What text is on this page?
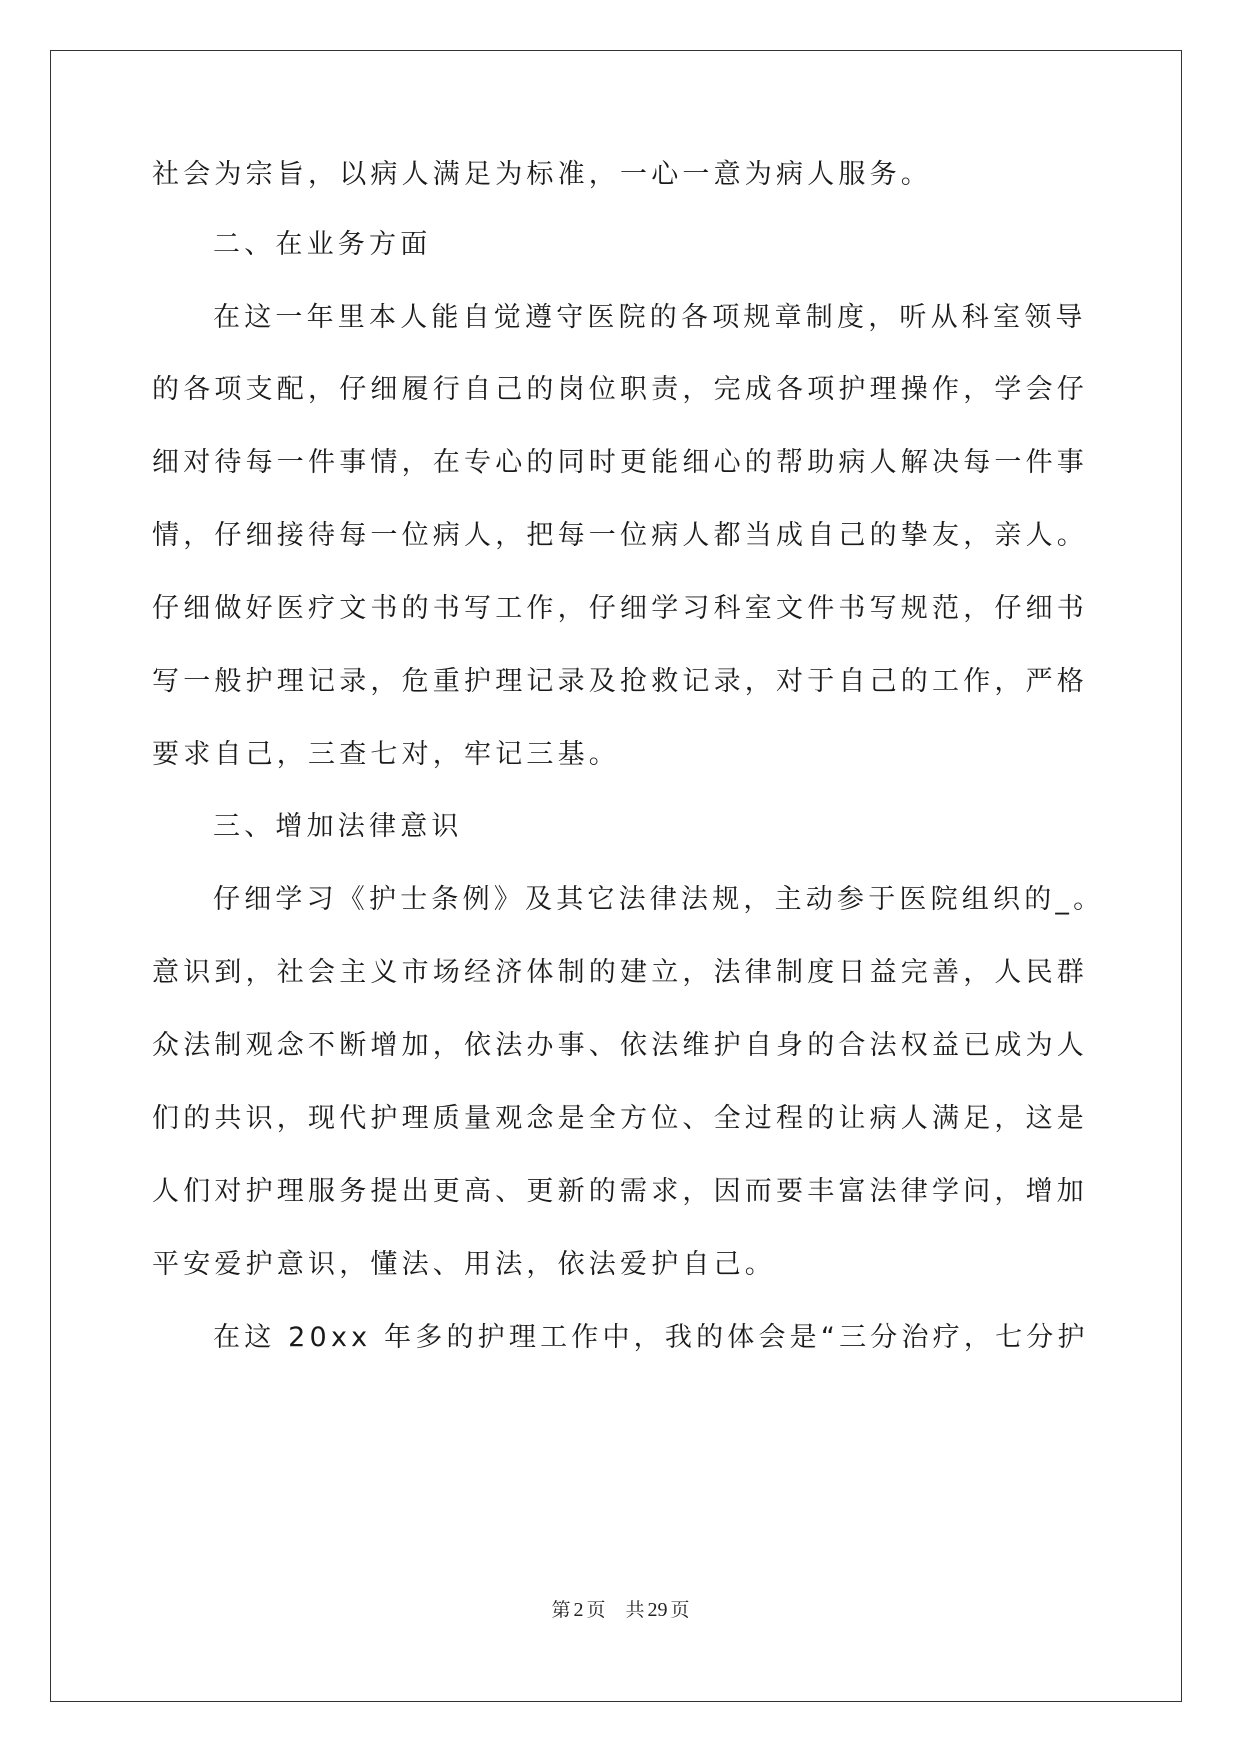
社会为宗旨，以病人满足为标准，一心一意为病人服务。
二、在业务方面
在这一年里本人能自觉遵守医院的各项规章制度，听从科室领导
的各项支配，仔细履行自己的岗位职责，完成各项护理操作，学会仔
细对待每一件事情，在专心的同时更能细心的帮助病人解决每一件事
情，仔细接待每一位病人，把每一位病人都当成自己的挚友，亲人。
仔细做好医疗文书的书写工作，仔细学习科室文件书写规范，仔细书
写一般护理记录，危重护理记录及抢救记录，对于自己的工作，严格
要求自己，三查七对，牢记三基。
三、增加法律意识
仔细学习《护士条例》及其它法律法规，主动参于医院组织的_。
意识到，社会主义市场经济体制的建立，法律制度日益完善，人民群
众法制观念不断增加，依法办事、依法维护自身的合法权益已成为人
们的共识，现代护理质量观念是全方位、全过程的让病人满足，这是
人们对护理服务提出更高、更新的需求，因而要丰富法律学问，增加
平安爱护意识，懂法、用法，依法爱护自己。
在这 20xx 年多的护理工作中，我的体会是“三分治疗，七分护
第 2 页 共 29 页
